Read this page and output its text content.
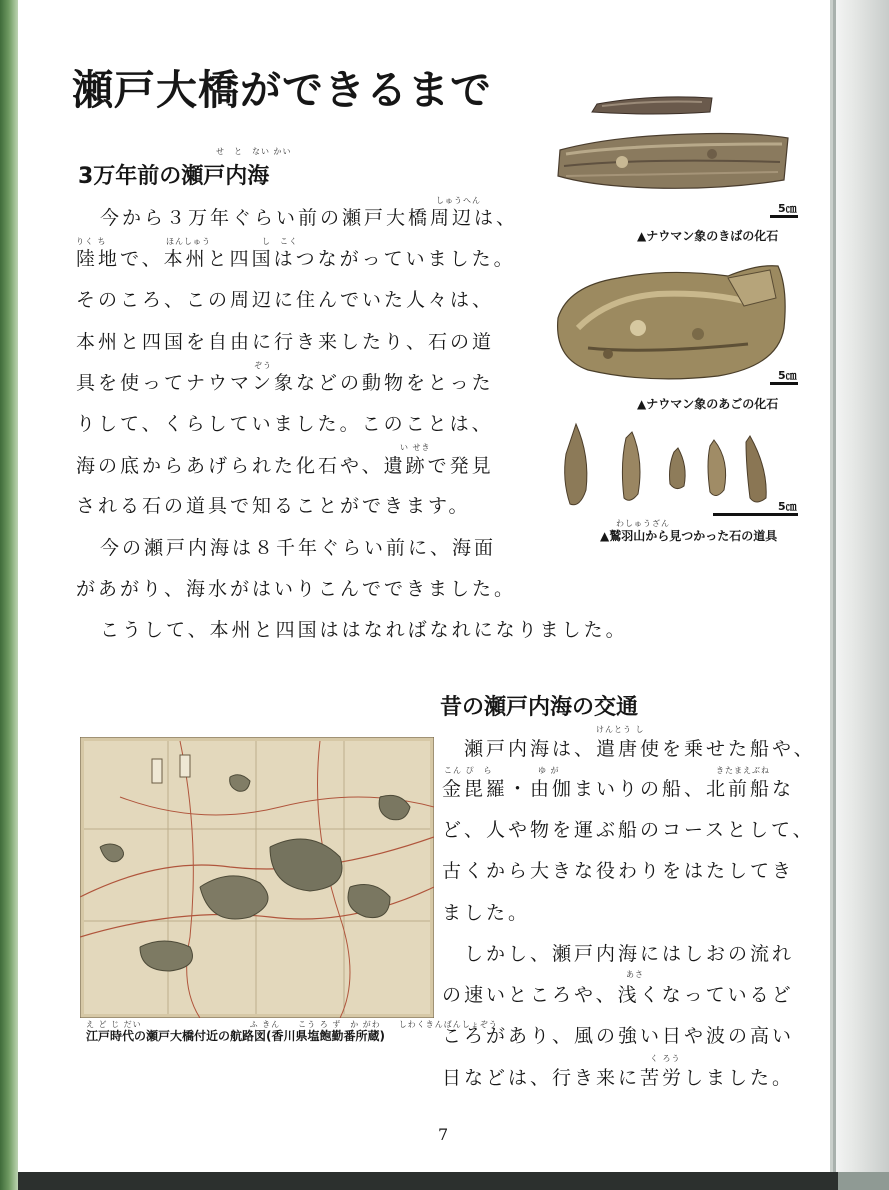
瀬戸大橋ができるまで
せ　と　ない かい
3万年前の瀬戸内海
しゅうへん
りく ち	ほんしゅう	し　こく
ぞう
い せき
今から３万年ぐらい前の瀬戸大橋周辺は、
陸地で、本州と四国はつながっていました。
そのころ、この周辺に住んでいた人々は、
本州と四国を自由に行き来したり、石の道
具を使ってナウマン象などの動物をとった
りして、くらしていました。このことは、
海の底からあげられた化石や、遺跡で発見
される石の道具で知ることができます。
今の瀬戸内海は８千年ぐらい前に、海面
があがり、海水がはいりこんでできました。
こうして、本州と四国ははなればなれになりました。
5㎝
▲ナウマン象のきばの化石
5㎝
▲ナウマン象のあごの化石
5㎝
わしゅうざん
▲鷲羽山から見つかった石の道具
昔の瀬戸内海の交通
え ど じ だい　　　　　　　　　　　　ふ きん　　こう ろ ず　か がわ　　しわくきんばんしょぞう
江戸時代の瀬戸大橋付近の航路図(香川県塩飽勤番所蔵)
けんとう し
こん ぴ　ら	ゆ が	きたまえぶね
あさ
く ろう
瀬戸内海は、遣唐使を乗せた船や、
金毘羅・由伽まいりの船、北前船な
ど、人や物を運ぶ船のコースとして、
古くから大きな役わりをはたしてき
ました。
しかし、瀬戸内海にはしおの流れ
の速いところや、浅くなっているど
ころがあり、風の強い日や波の高い
日などは、行き来に苦労しました。
7
